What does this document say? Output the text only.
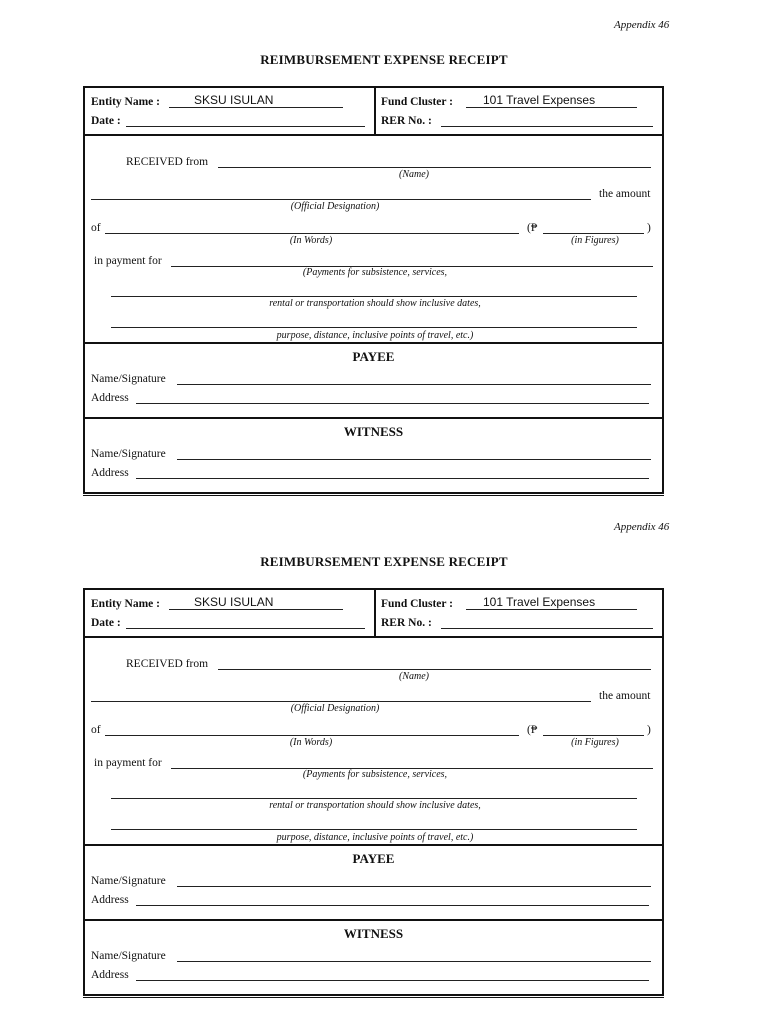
Appendix 46
REIMBURSEMENT EXPENSE RECEIPT
Entity Name :	SKSU ISULAN
Date :
Fund Cluster :	101 Travel Expenses
RER No. :
RECEIVED from
(Name)
the amount
(Official Designation)
of	(₱	)
(In Words)	(in Figures)
in payment for
(Payments for subsistence, services,
rental or transportation should show inclusive dates,
purpose, distance, inclusive points of travel, etc.)
PAYEE
Name/Signature
Address
WITNESS
Name/Signature
Address
Appendix 46
REIMBURSEMENT EXPENSE RECEIPT
Entity Name :	SKSU ISULAN
Date :
Fund Cluster :	101 Travel Expenses
RER No. :
RECEIVED from
(Name)
the amount
(Official Designation)
of	(₱	)
(In Words)	(in Figures)
in payment for
(Payments for subsistence, services,
rental or transportation should show inclusive dates,
purpose, distance, inclusive points of travel, etc.)
PAYEE
Name/Signature
Address
WITNESS
Name/Signature
Address
